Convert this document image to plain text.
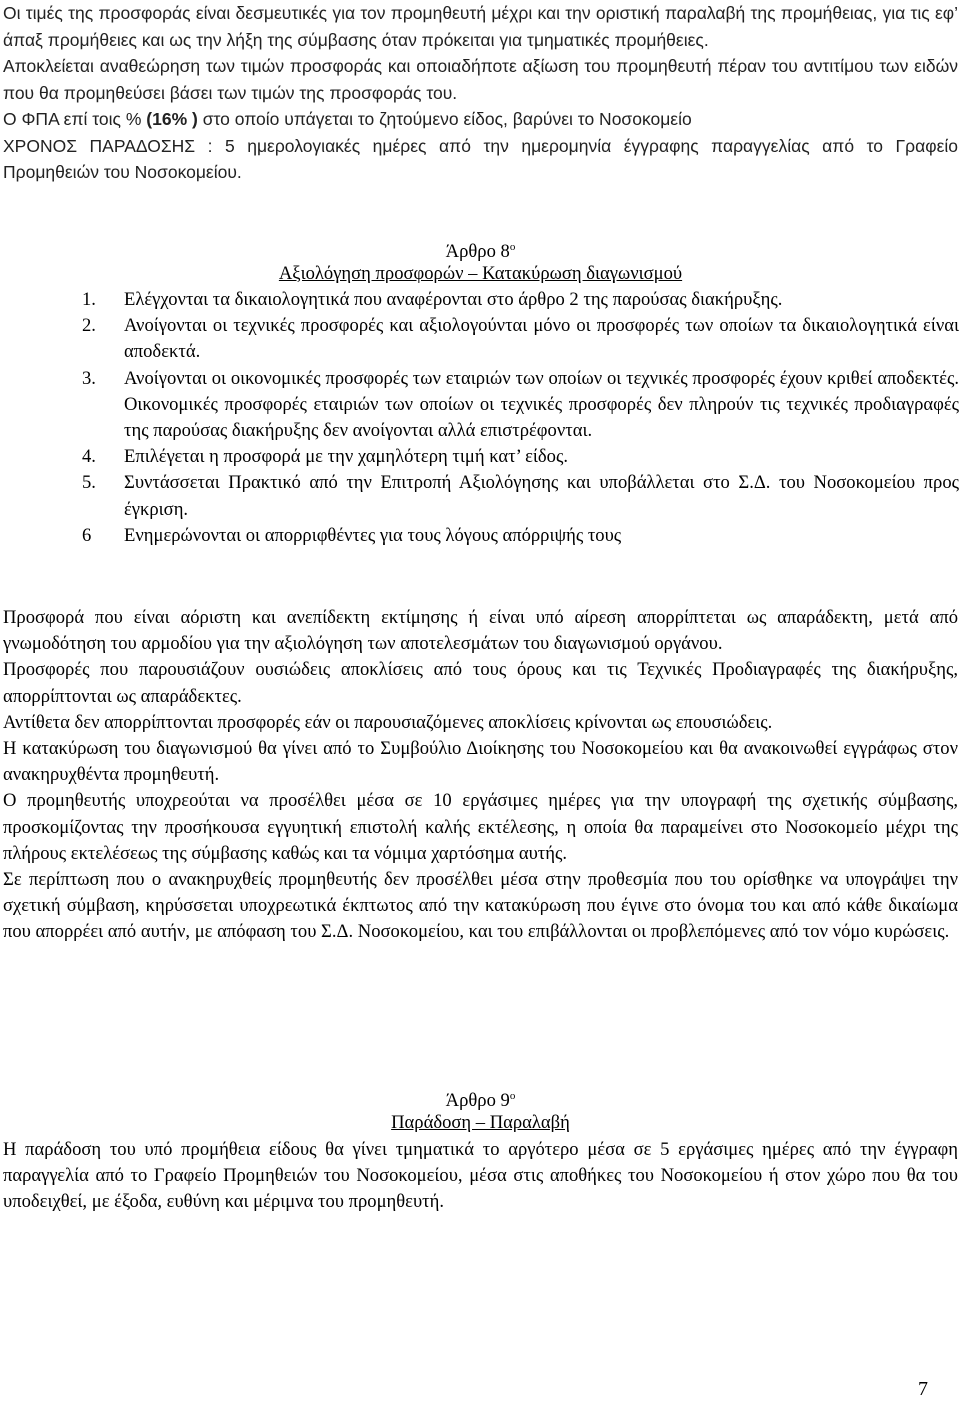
Οι τιμές της προσφοράς είναι δεσμευτικές για τον προμηθευτή μέχρι και την οριστική παραλαβή της προμήθειας, για τις εφ’ άπαξ προμήθειες και ως την λήξη της σύμβασης όταν πρόκειται για τμηματικές προμήθειες.

Αποκλείεται αναθεώρηση των τιμών προσφοράς και οποιαδήποτε αξίωση του προμηθευτή πέραν του αντιτίμου των ειδών που θα προμηθεύσει βάσει των τιμών της προσφοράς του.

Ο ΦΠΑ επί τοις % (16% ) στο οποίο υπάγεται το ζητούμενο είδος, βαρύνει το Νοσοκομείο

ΧΡΟΝΟΣ ΠΑΡΑΔΟΣΗΣ : 5 ημερολογιακές ημέρες από την ημερομηνία έγγραφης παραγγελίας από το Γραφείο Προμηθειών του Νοσοκομείου.

Άρθρο $8^o$
Αξιολόγηση προσφορών – Κατακύρωση διαγωνισμού
1. Ελέγχονται τα δικαιολογητικά που αναφέρονται στο άρθρο 2 της παρούσας διακήρυξης.
2. Ανοίγονται οι τεχνικές προσφορές και αξιολογούνται μόνο οι προσφορές των οποίων τα δικαιολογητικά είναι αποδεκτά.
3. Ανοίγονται οι οικονομικές προσφορές των εταιριών των οποίων οι τεχνικές προσφορές έχουν κριθεί αποδεκτές. Οικονομικές προσφορές εταιριών των οποίων οι τεχνικές προσφορές δεν πληρούν τις τεχνικές προδιαγραφές της παρούσας διακήρυξης δεν ανοίγονται αλλά επιστρέφονται.
4. Επιλέγεται η προσφορά με την χαμηλότερη τιμή κατ’ είδος.
5. Συντάσσεται Πρακτικό από την Επιτροπή Αξιολόγησης και υποβάλλεται στο Σ.Δ. του Νοσοκομείου προς έγκριση.
6 Ενημερώνονται οι απορριφθέντες για τους λόγους απόρριψής τους

Προσφορά που είναι αόριστη και ανεπίδεκτη εκτίμησης ή είναι υπό αίρεση απορρίπτεται ως απαράδεκτη, μετά από γνωμοδότηση του αρμοδίου για την αξιολόγηση των αποτελεσμάτων του διαγωνισμού οργάνου.

Προσφορές που παρουσιάζουν ουσιώδεις αποκλίσεις από τους όρους και τις Τεχνικές Προδιαγραφές της διακήρυξης, απορρίπτονται ως απαράδεκτες.

Αντίθετα δεν απορρίπτονται προσφορές εάν οι παρουσιαζόμενες αποκλίσεις κρίνονται ως επουσιώδεις.

Η κατακύρωση του διαγωνισμού θα γίνει από το Συμβούλιο Διοίκησης του Νοσοκομείου και θα ανακοινωθεί εγγράφως στον ανακηρυχθέντα προμηθευτή.

Ο προμηθευτής υποχρεούται να προσέλθει μέσα σε 10 εργάσιμες ημέρες για την υπογραφή της σχετικής σύμβασης, προσκομίζοντας την προσήκουσα εγγυητική επιστολή καλής εκτέλεσης, η οποία θα παραμείνει στο Νοσοκομείο μέχρι της πλήρους εκτελέσεως της σύμβασης καθώς και τα νόμιμα χαρτόσημα αυτής.

Σε περίπτωση που ο ανακηρυχθείς προμηθευτής δεν προσέλθει μέσα στην προθεσμία που του ορίσθηκε να υπογράψει την σχετική σύμβαση, κηρύσσεται υποχρεωτικά έκπτωτος από την κατακύρωση που έγινε στο όνομα του και από κάθε δικαίωμα που απορρέει από αυτήν, με απόφαση του Σ.Δ. Νοσοκομείου, και του επιβάλλονται οι προβλεπόμενες από τον νόμο κυρώσεις.

Άρθρο $9^o$
Παράδοση – Παραλαβή

Η παράδοση του υπό προμήθεια είδους θα γίνει τμηματικά το αργότερο μέσα σε 5 εργάσιμες ημέρες από την έγγραφη παραγγελία από το Γραφείο Προμηθειών του Νοσοκομείου, μέσα στις αποθήκες του Νοσοκομείου ή στον χώρο που θα του υποδειχθεί, με έξοδα, ευθύνη και μέριμνα του προμηθευτή.

7
